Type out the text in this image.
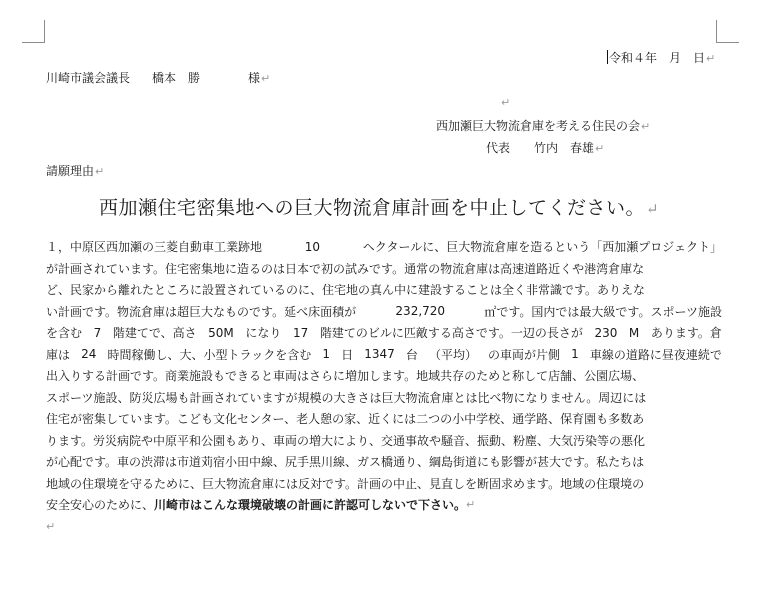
令和４年　月　日↵
川崎市議会議長 橋本　勝	様↵
↵
西加瀬巨大物流倉庫を考える住民の会↵
代表 竹内　春雄↵
請願理由↵
西加瀬住宅密集地への巨大物流倉庫計画を中止してください。↵
１，中原区西加瀬の三菱自動車工業跡地	10	ヘクタールに、巨大物流倉庫を造るという「西加瀬プロジェクト」
が計画されています。住宅密集地に造るのは日本で初の試みです。通常の物流倉庫は高速道路近くや港湾倉庫な
ど、民家から離れたところに設置されているのに、住宅地の真ん中に建設することは全く非常識です。ありえな
い計画です。物流倉庫は超巨大なものです。延べ床面積が	232,720	㎡です。国内では最大級です。スポーツ施設
を含む 7 階建てで、高さ 50M になり 17 階建てのビルに匹敵する高さです。一辺の長さが 230 M あります。倉
庫は 24 時間稼働し、大、小型トラックを含む 1 日 1347 台 （平均） の車両が片側 1 車線の道路に昼夜連続で
出入りする計画です。商業施設もできると車両はさらに増加します。地域共存のためと称して店舗、公園広場、
スポーツ施設、防災広場も計画されていますが規模の大きさは巨大物流倉庫とは比べ物になりません。周辺には
住宅が密集しています。こども文化センター、老人憩の家、近くには二つの小中学校、通学路、保育園も多数あ
ります。労災病院や中原平和公園もあり、車両の増大により、交通事故や騒音、振動、粉塵、大気汚染等の悪化
が心配です。車の渋滞は市道苅宿小田中線、尻手黒川線、ガス橋通り、綱島街道にも影響が甚大です。私たちは
地域の住環境を守るために、巨大物流倉庫には反対です。計画の中止、見直しを断固求めます。地域の住環境の
安全安心のために、 川崎市はこんな環境破壊の計画に許認可しないで下さい。 ↵
↵
